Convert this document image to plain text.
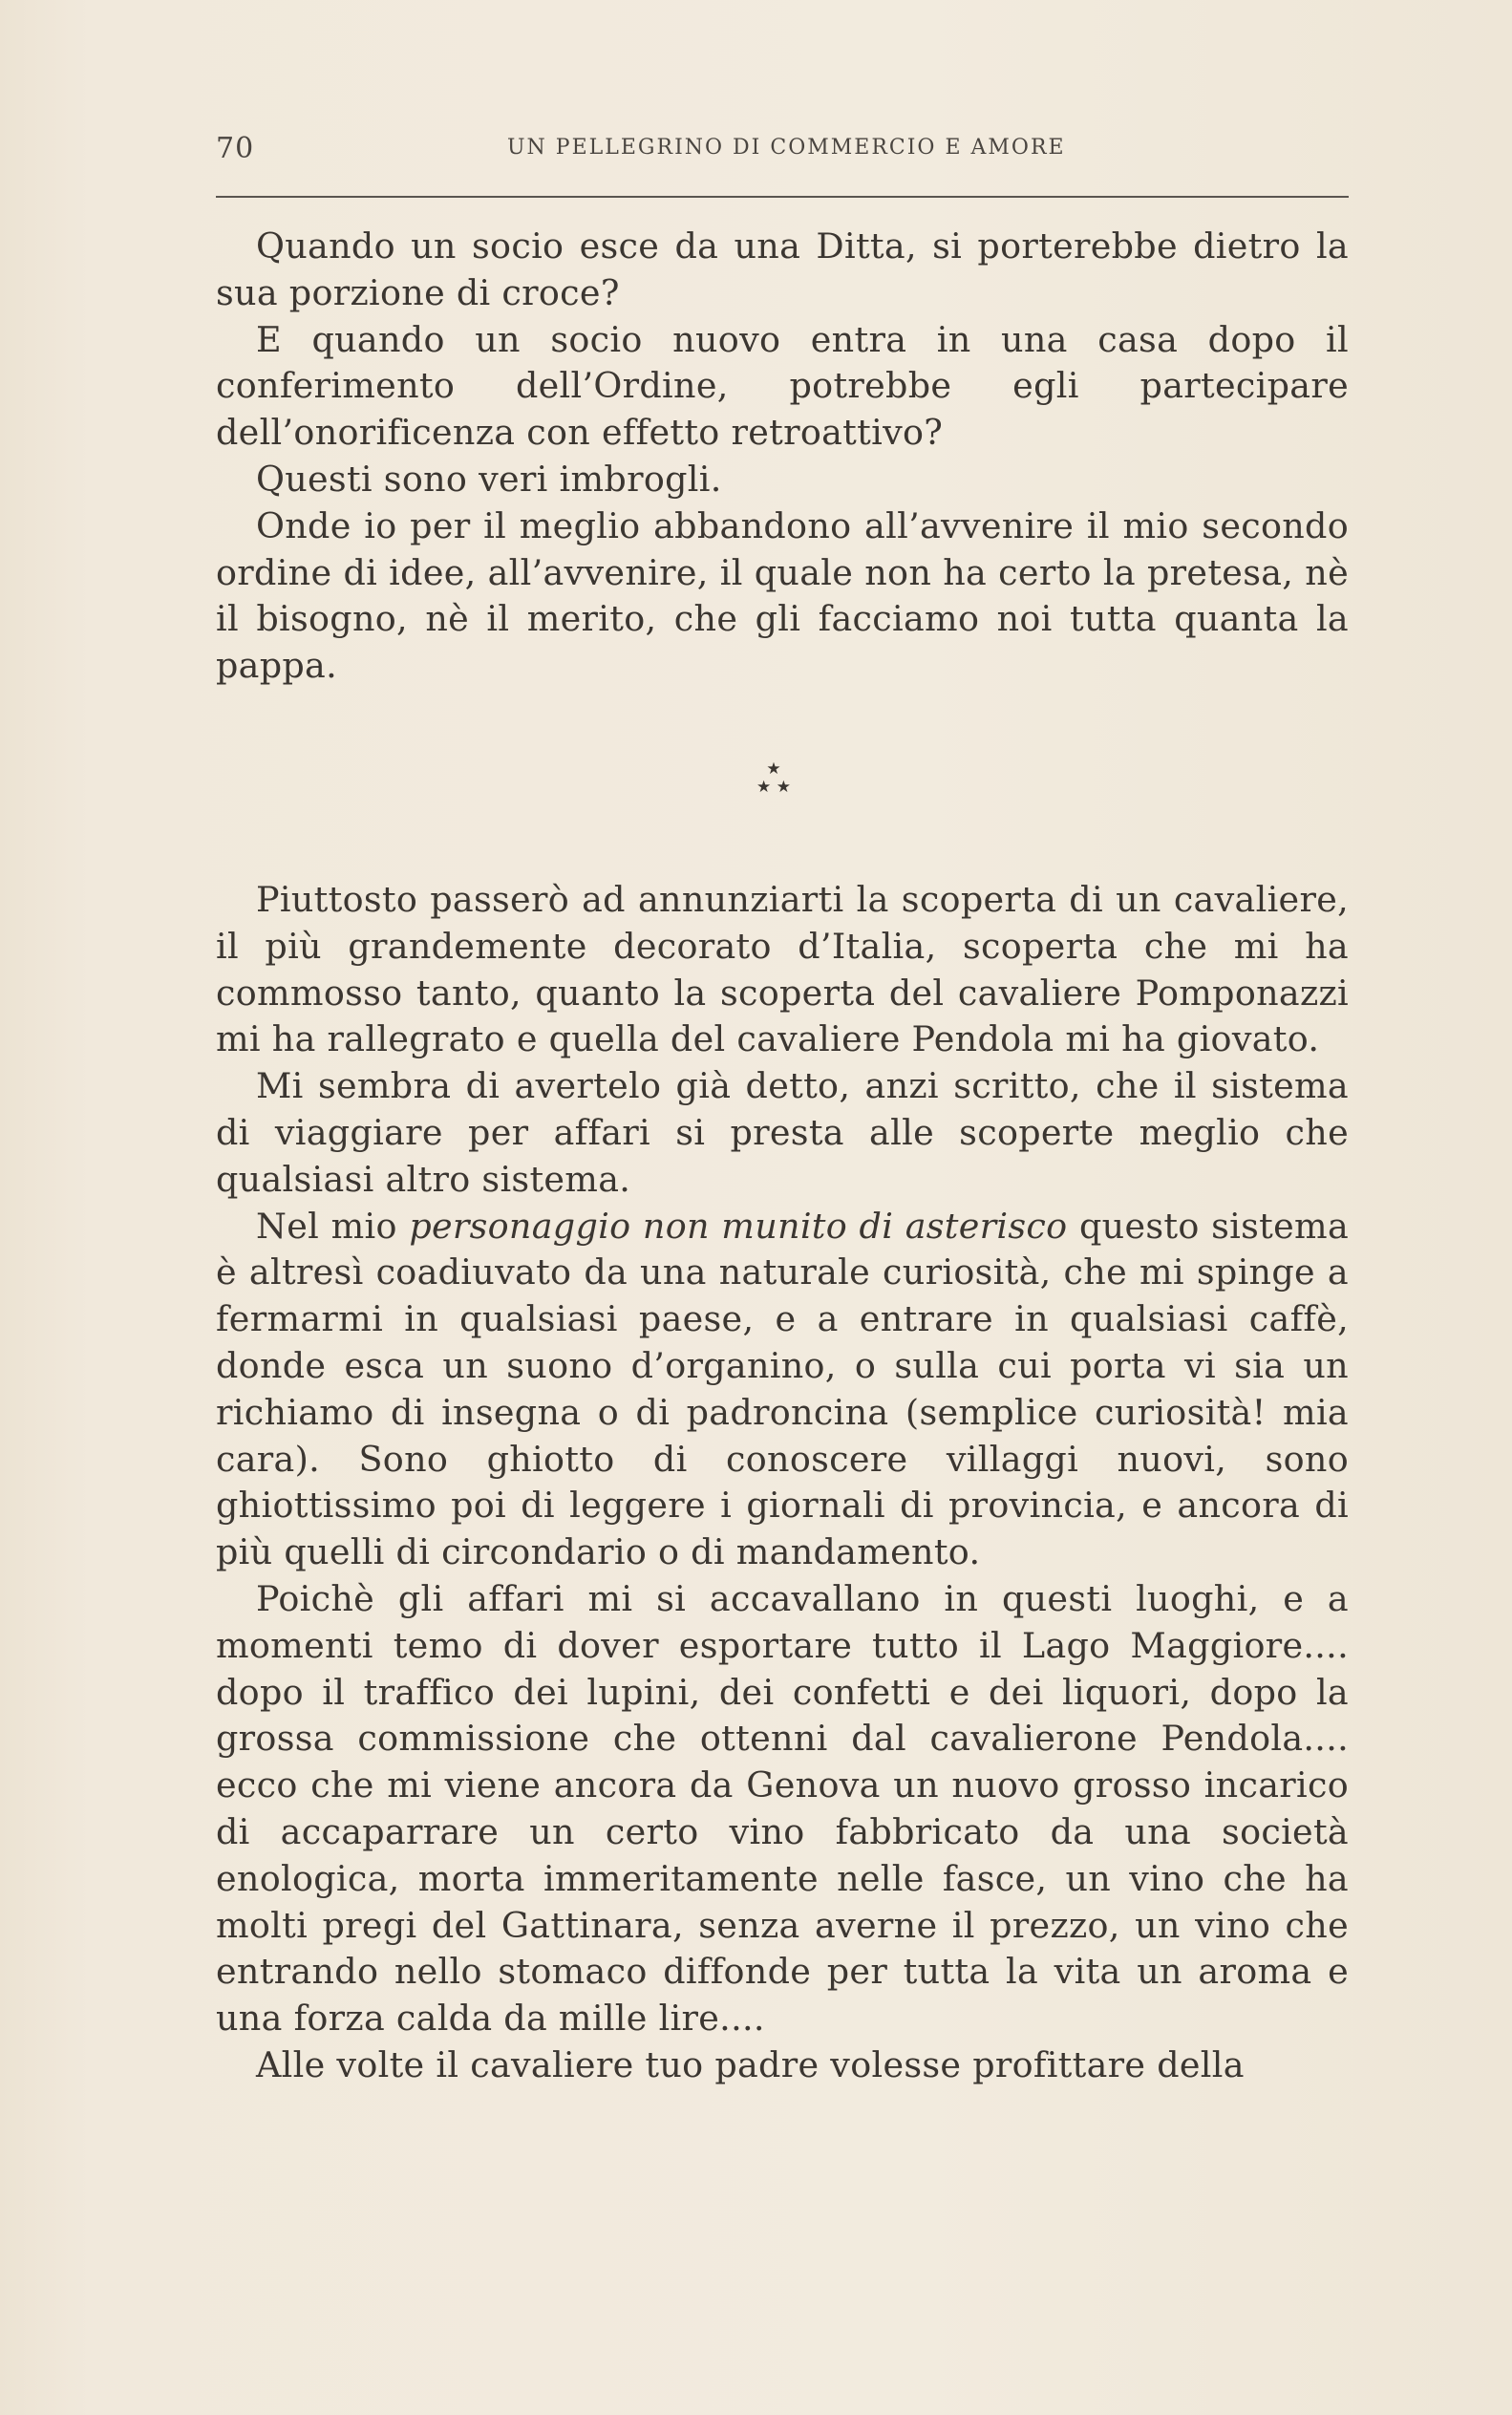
70	UN PELLEGRINO DI COMMERCIO E AMORE

Quando un socio esce da una Ditta, si porterebbe dietro la sua porzione di croce?

E quando un socio nuovo entra in una casa dopo il conferimento dell’Ordine, potrebbe egli partecipare dell’onorificenza con effetto retroattivo?

Questi sono veri imbrogli.

Onde io per il meglio abbandono all’avvenire il mio secondo ordine di idee, all’avvenire, il quale non ha certo la pretesa, nè il bisogno, nè il merito, che gli facciamo noi tutta quanta la pappa.

★
★ ★

Piuttosto passerò ad annunziarti la scoperta di un cavaliere, il più grandemente decorato d’Italia, scoperta che mi ha commosso tanto, quanto la scoperta del cavaliere Pomponazzi mi ha rallegrato e quella del cavaliere Pendola mi ha giovato.

Mi sembra di avertelo già detto, anzi scritto, che il sistema di viaggiare per affari si presta alle scoperte meglio che qualsiasi altro sistema.

Nel mio personaggio non munito di asterisco questo sistema è altresì coadiuvato da una naturale curiosità, che mi spinge a fermarmi in qualsiasi paese, e a entrare in qualsiasi caffè, donde esca un suono d’organino, o sulla cui porta vi sia un richiamo di insegna o di padroncina (semplice curiosità! mia cara). Sono ghiotto di conoscere villaggi nuovi, sono ghiottissimo poi di leggere i giornali di provincia, e ancora di più quelli di circondario o di mandamento.

Poichè gli affari mi si accavallano in questi luoghi, e a momenti temo di dover esportare tutto il Lago Maggiore.... dopo il traffico dei lupini, dei confetti e dei liquori, dopo la grossa commissione che ottenni dal cavalierone Pendola.... ecco che mi viene ancora da Genova un nuovo grosso incarico di accaparrare un certo vino fabbricato da una società enologica, morta immeritamente nelle fasce, un vino che ha molti pregi del Gattinara, senza averne il prezzo, un vino che entrando nello stomaco diffonde per tutta la vita un aroma e una forza calda da mille lire....

Alle volte il cavaliere tuo padre volesse profittare della
